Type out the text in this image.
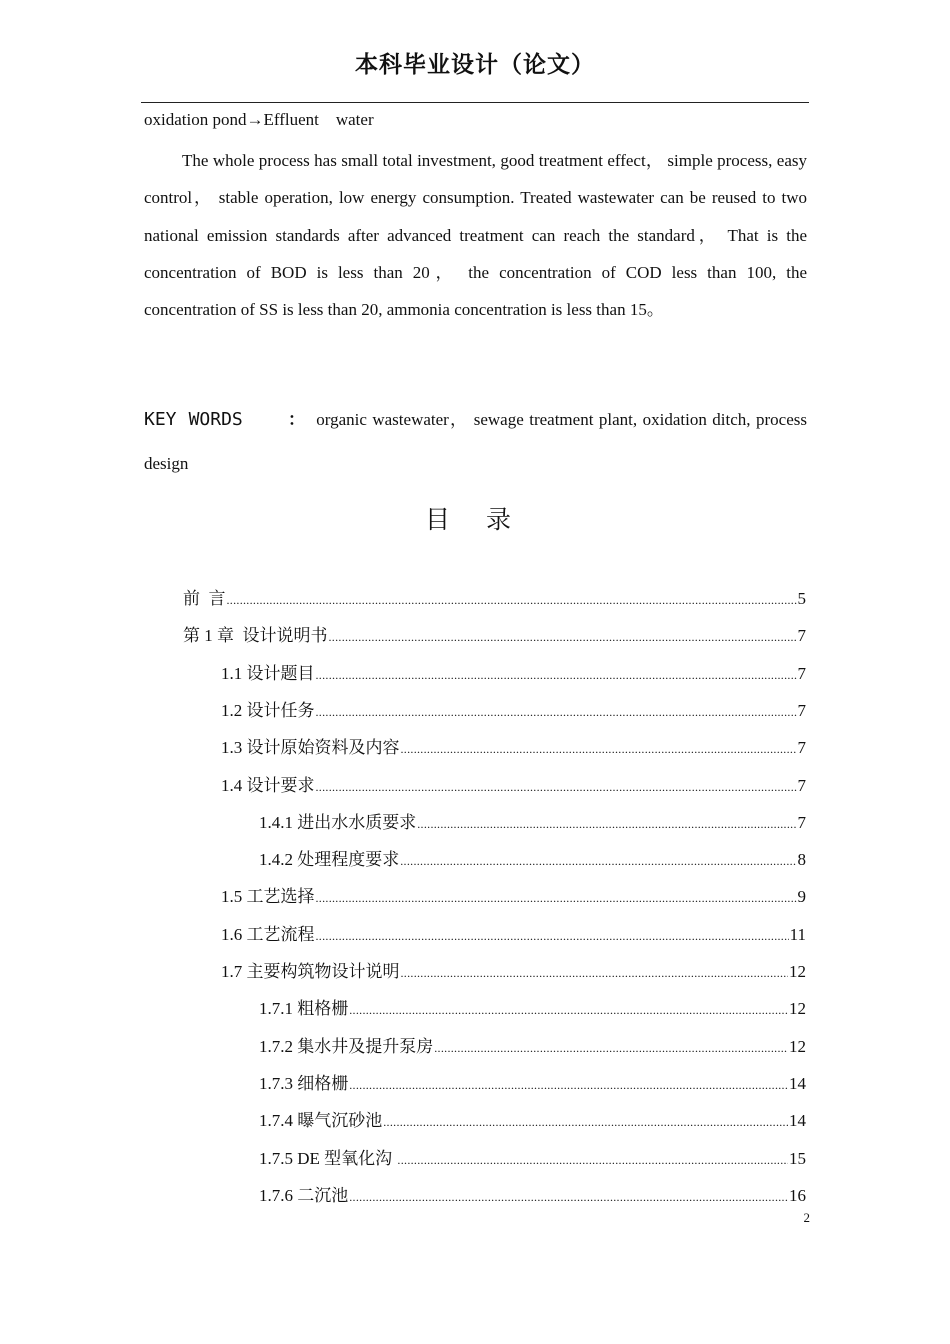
本科毕业设计（论文）
oxidation pond→Effluent    water
The whole process has small total investment, good treatment effect， simple process, easy control， stable operation, low energy consumption. Treated wastewater can be reused to two national emission standards after advanced treatment can reach the standard， That is the concentration of BOD is less than 20， the concentration of COD less than 100, the concentration of SS is less than 20, ammonia concentration is less than 15。
KEY WORDS	： organic wastewater， sewage treatment plant, oxidation ditch, process design
目 录
前  言 .....	5
第 1 章  设计说明书 .....	7
1.1 设计题目 .....	7
1.2 设计任务 .....	7
1.3 设计原始资料及内容 .....	7
1.4 设计要求 .....	7
1.4.1 进出水水质要求 .....	7
1.4.2 处理程度要求 .....	8
1.5 工艺选择 .....	9
1.6 工艺流程 .....	11
1.7 主要构筑物设计说明 .....	12
1.7.1 粗格栅 .....	12
1.7.2 集水井及提升泵房 .....	12
1.7.3 细格栅 .....	14
1.7.4 曝气沉砂池 .....	14
1.7.5 DE 型氧化沟 .....	15
1.7.6 二沉池 .....	16
2
